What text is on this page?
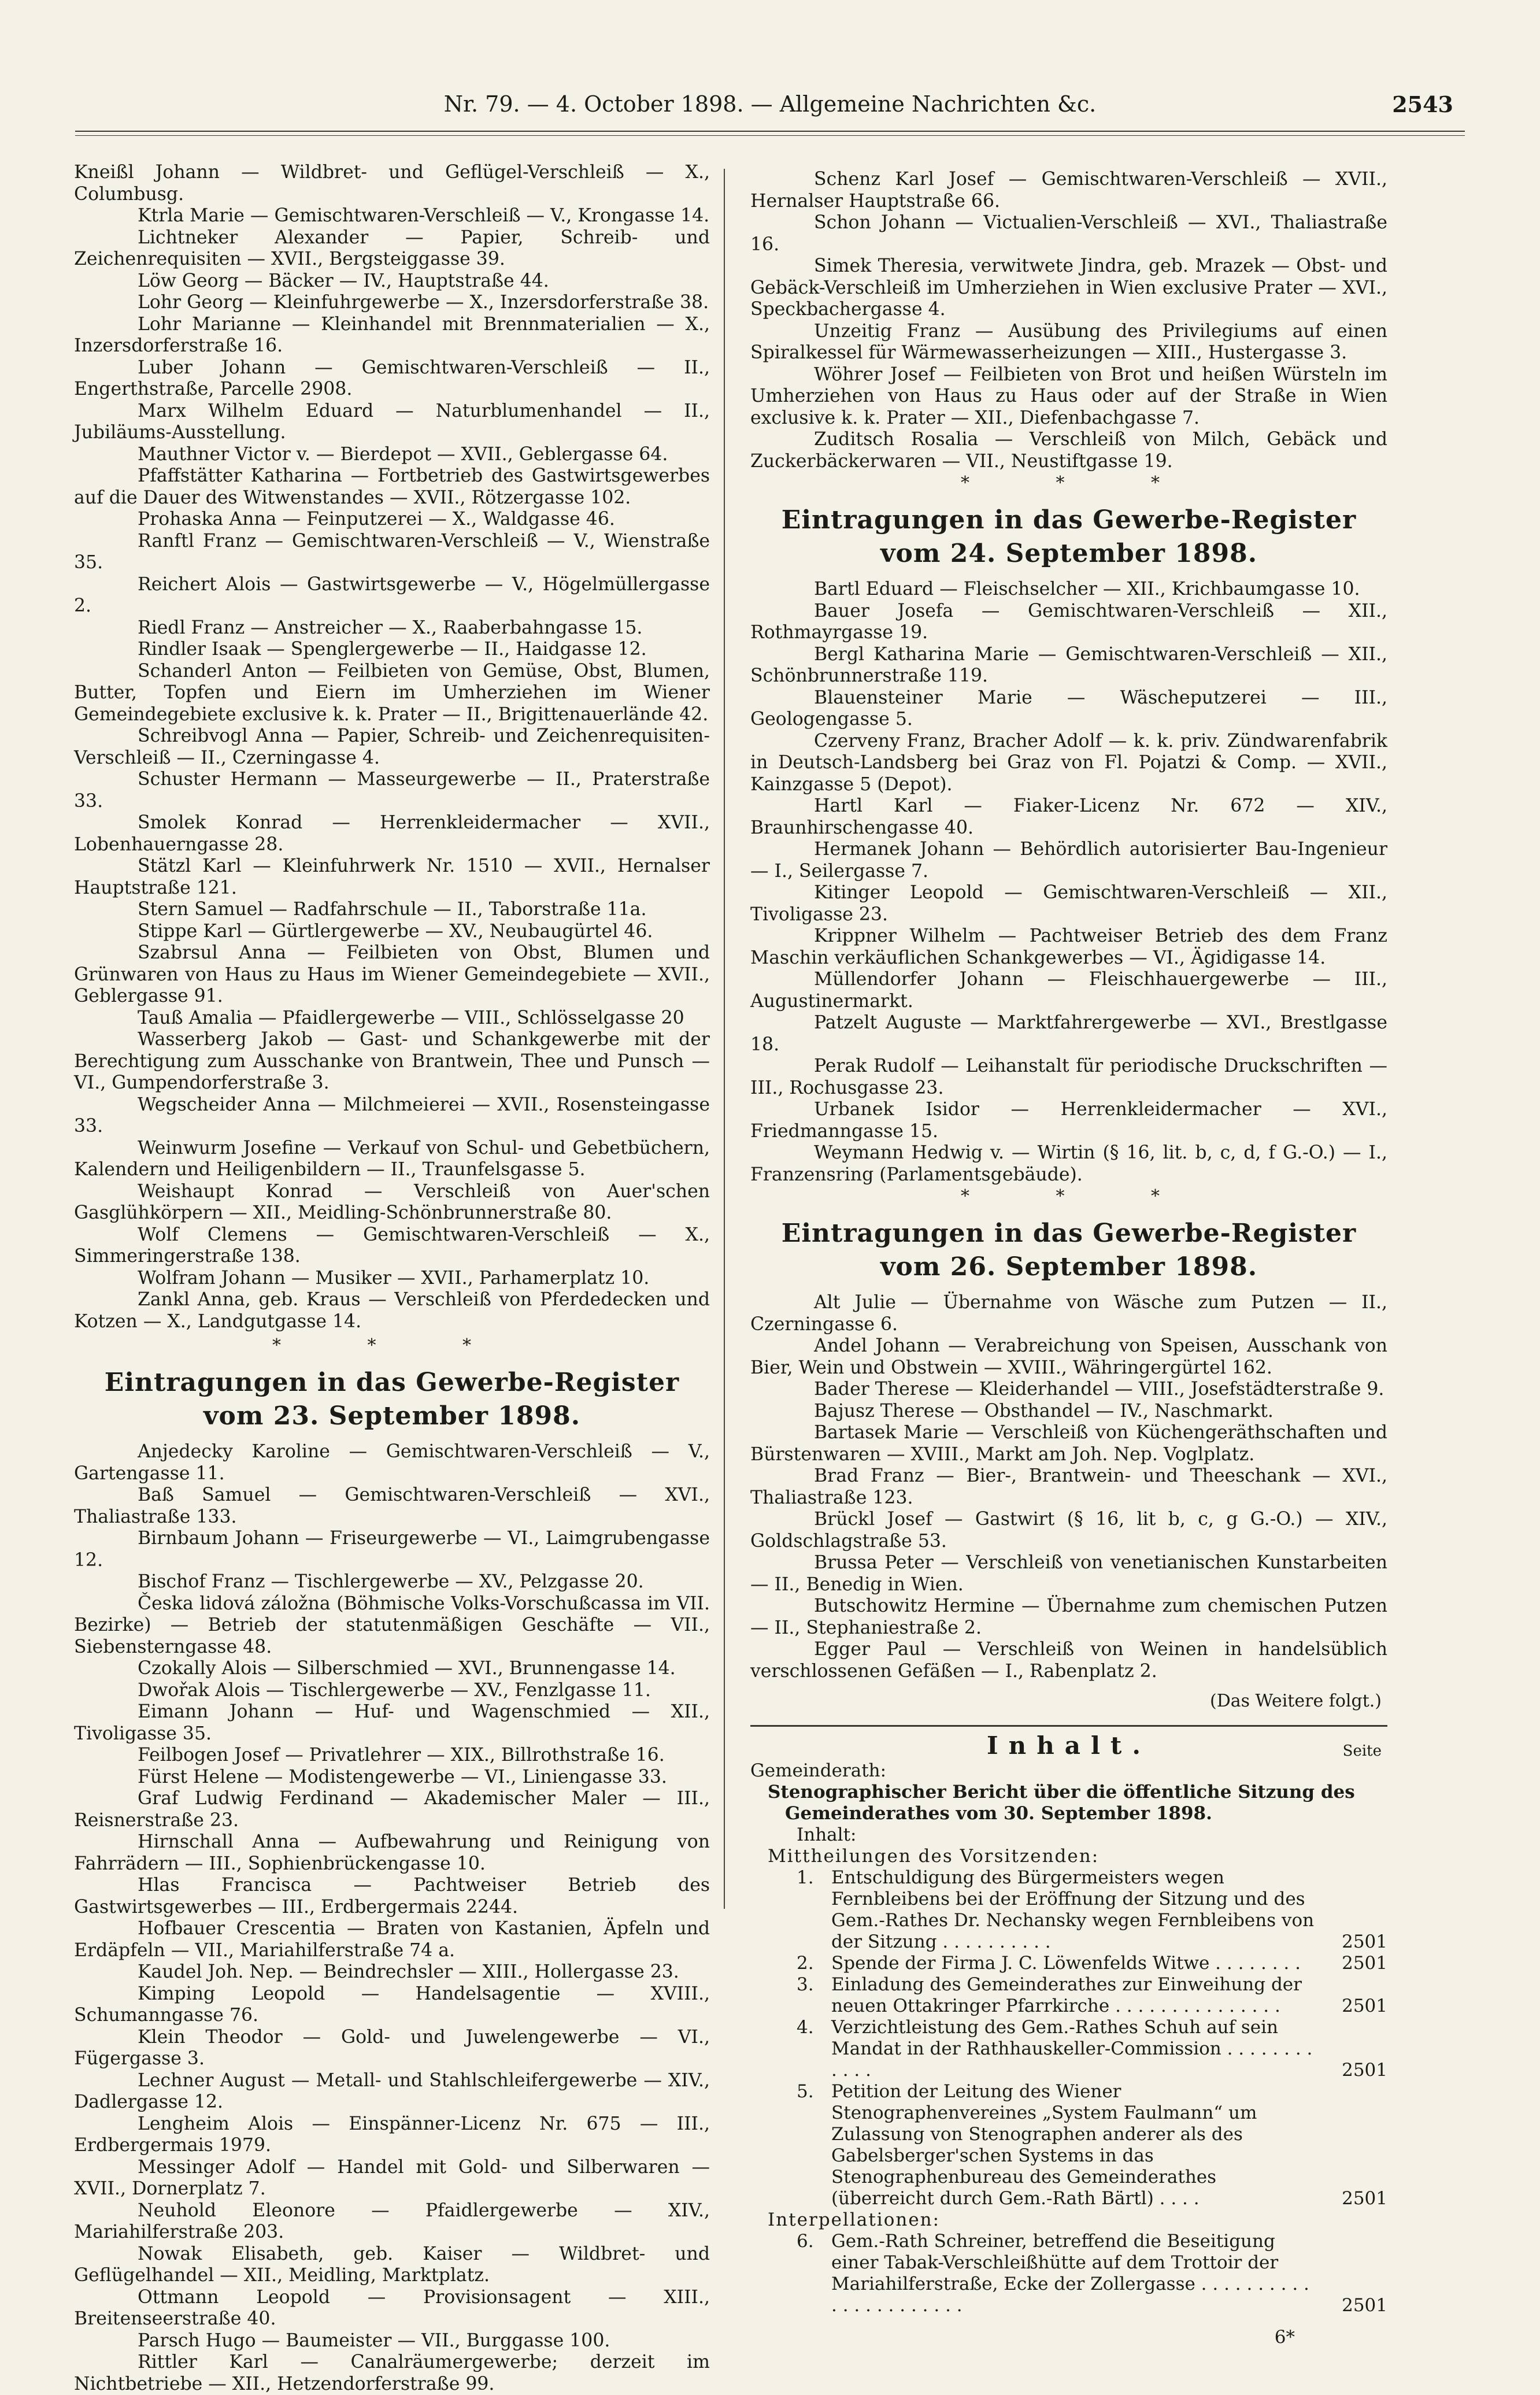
Nr. 79. — 4. October 1898. — Allgemeine Nachrichten &c.	2543

Kneißl Johann — Wildbret- und Geflügel-Verschleiß — X., Columbusg.

Ktrla Marie — Gemischtwaren-Verschleiß — V., Krongasse 14.

Lichtneker Alexander — Papier, Schreib- und Zeichenrequisiten — XVII., Bergsteiggasse 39.

Löw Georg — Bäcker — IV., Hauptstraße 44.

Lohr Georg — Kleinfuhrgewerbe — X., Inzersdorferstraße 38.

Lohr Marianne — Kleinhandel mit Brennmaterialien — X., Inzersdorferstraße 16.

Luber Johann — Gemischtwaren-Verschleiß — II., Engerthstraße, Parcelle 2908.

Marx Wilhelm Eduard — Naturblumenhandel — II., Jubiläums-Ausstellung.

Mauthner Victor v. — Bierdepot — XVII., Geblergasse 64.

Pfaffstätter Katharina — Fortbetrieb des Gastwirtsgewerbes auf die Dauer des Witwenstandes — XVII., Rötzergasse 102.

Prohaska Anna — Feinputzerei — X., Waldgasse 46.

Ranftl Franz — Gemischtwaren-Verschleiß — V., Wienstraße 35.

Reichert Alois — Gastwirtsgewerbe — V., Högelmüllergasse 2.

Riedl Franz — Anstreicher — X., Raaberbahngasse 15.

Rindler Isaak — Spenglergewerbe — II., Haidgasse 12.

Schanderl Anton — Feilbieten von Gemüse, Obst, Blumen, Butter, Topfen und Eiern im Umherziehen im Wiener Gemeindegebiete exclusive k. k. Prater — II., Brigittenauerlände 42.

Schreibvogl Anna — Papier, Schreib- und Zeichenrequisiten-Verschleiß — II., Czerningasse 4.

Schuster Hermann — Masseurgewerbe — II., Praterstraße 33.

Smolek Konrad — Herrenkleidermacher — XVII., Lobenhauerngasse 28.

Stätzl Karl — Kleinfuhrwerk Nr. 1510 — XVII., Hernalser Hauptstraße 121.

Stern Samuel — Radfahrschule — II., Taborstraße 11a.

Stippe Karl — Gürtlergewerbe — XV., Neubaugürtel 46.

Szabrsul Anna — Feilbieten von Obst, Blumen und Grünwaren von Haus zu Haus im Wiener Gemeindegebiete — XVII., Geblergasse 91.

Tauß Amalia — Pfaidlergewerbe — VIII., Schlösselgasse 20

Wasserberg Jakob — Gast- und Schankgewerbe mit der Berechtigung zum Ausschanke von Brantwein, Thee und Punsch — VI., Gumpendorferstraße 3.

Wegscheider Anna — Milchmeierei — XVII., Rosensteingasse 33.

Weinwurm Josefine — Verkauf von Schul- und Gebetbüchern, Kalendern und Heiligenbildern — II., Traunfelsgasse 5.

Weishaupt Konrad — Verschleiß von Auer'schen Gasglühkörpern — XII., Meidling-Schönbrunnerstraße 80.

Wolf Clemens — Gemischtwaren-Verschleiß — X., Simmeringerstraße 138.

Wolfram Johann — Musiker — XVII., Parhamerplatz 10.

Zankl Anna, geb. Kraus — Verschleiß von Pferdedecken und Kotzen — X., Landgutgasse 14.

* * *

Eintragungen in das Gewerbe-Register
vom 23. September 1898.

Anjedecky Karoline — Gemischtwaren-Verschleiß — V., Gartengasse 11.

Baß Samuel — Gemischtwaren-Verschleiß — XVI., Thaliastraße 133.

Birnbaum Johann — Friseurgewerbe — VI., Laimgrubengasse 12.

Bischof Franz — Tischlergewerbe — XV., Pelzgasse 20.

Česka lidová záložna (Böhmische Volks-Vorschußcassa im VII. Bezirke) — Betrieb der statutenmäßigen Geschäfte — VII., Siebensterngasse 48.

Czokally Alois — Silberschmied — XVI., Brunnengasse 14.

Dwořak Alois — Tischlergewerbe — XV., Fenzlgasse 11.

Eimann Johann — Huf- und Wagenschmied — XII., Tivoligasse 35.

Feilbogen Josef — Privatlehrer — XIX., Billrothstraße 16.

Fürst Helene — Modistengewerbe — VI., Liniengasse 33.

Graf Ludwig Ferdinand — Akademischer Maler — III., Reisnerstraße 23.

Hirnschall Anna — Aufbewahrung und Reinigung von Fahrrädern — III., Sophienbrückengasse 10.

Hlas Francisca — Pachtweiser Betrieb des Gastwirtsgewerbes — III., Erdbergermais 2244.

Hofbauer Crescentia — Braten von Kastanien, Äpfeln und Erdäpfeln — VII., Mariahilferstraße 74 a.

Kaudel Joh. Nep. — Beindrechsler — XIII., Hollergasse 23.

Kimping Leopold — Handelsagentie — XVIII., Schumanngasse 76.

Klein Theodor — Gold- und Juwelengewerbe — VI., Fügergasse 3.

Lechner August — Metall- und Stahlschleifergewerbe — XIV., Dadlergasse 12.

Lengheim Alois — Einspänner-Licenz Nr. 675 — III., Erdbergermais 1979.

Messinger Adolf — Handel mit Gold- und Silberwaren — XVII., Dornerplatz 7.

Neuhold Eleonore — Pfaidlergewerbe — XIV., Mariahilferstraße 203.

Nowak Elisabeth, geb. Kaiser — Wildbret- und Geflügelhandel — XII., Meidling, Marktplatz.

Ottmann Leopold — Provisionsagent — XIII., Breitenseerstraße 40.

Parsch Hugo — Baumeister — VII., Burggasse 100.

Rittler Karl — Canalräumergewerbe; derzeit im Nichtbetriebe — XII., Hetzendorferstraße 99.

Schenz Karl Josef — Gemischtwaren-Verschleiß — XVII., Hernalser Hauptstraße 66.

Schon Johann — Victualien-Verschleiß — XVI., Thaliastraße 16.

Simek Theresia, verwitwete Jindra, geb. Mrazek — Obst- und Gebäck-Verschleiß im Umherziehen in Wien exclusive Prater — XVI., Speckbachergasse 4.

Unzeitig Franz — Ausübung des Privilegiums auf einen Spiralkessel für Wärmewasserheizungen — XIII., Hustergasse 3.

Wöhrer Josef — Feilbieten von Brot und heißen Würsteln im Umherziehen von Haus zu Haus oder auf der Straße in Wien exclusive k. k. Prater — XII., Diefenbachgasse 7.

Zuditsch Rosalia — Verschleiß von Milch, Gebäck und Zuckerbäckerwaren — VII., Neustiftgasse 19.

* * *

Eintragungen in das Gewerbe-Register
vom 24. September 1898.

Bartl Eduard — Fleischselcher — XII., Krichbaumgasse 10.

Bauer Josefa — Gemischtwaren-Verschleiß — XII., Rothmayrgasse 19.

Bergl Katharina Marie — Gemischtwaren-Verschleiß — XII., Schönbrunnerstraße 119.

Blauensteiner Marie — Wäscheputzerei — III., Geologengasse 5.

Czerveny Franz, Bracher Adolf — k. k. priv. Zündwarenfabrik in Deutsch-Landsberg bei Graz von Fl. Pojatzi & Comp. — XVII., Kainzgasse 5 (Depot).

Hartl Karl — Fiaker-Licenz Nr. 672 — XIV., Braunhirschengasse 40.

Hermanek Johann — Behördlich autorisierter Bau-Ingenieur — I., Seilergasse 7.

Kitinger Leopold — Gemischtwaren-Verschleiß — XII., Tivoligasse 23.

Krippner Wilhelm — Pachtweiser Betrieb des dem Franz Maschin verkäuflichen Schankgewerbes — VI., Ägidigasse 14.

Müllendorfer Johann — Fleischhauergewerbe — III., Augustinermarkt.

Patzelt Auguste — Marktfahrergewerbe — XVI., Brestlgasse 18.

Perak Rudolf — Leihanstalt für periodische Druckschriften — III., Rochusgasse 23.

Urbanek Isidor — Herrenkleidermacher — XVI., Friedmanngasse 15.

Weymann Hedwig v. — Wirtin (§ 16, lit. b, c, d, f G.-O.) — I., Franzensring (Parlamentsgebäude).

* * *

Eintragungen in das Gewerbe-Register
vom 26. September 1898.

Alt Julie — Übernahme von Wäsche zum Putzen — II., Czerningasse 6.

Andel Johann — Verabreichung von Speisen, Ausschank von Bier, Wein und Obstwein — XVIII., Währingergürtel 162.

Bader Therese — Kleiderhandel — VIII., Josefstädterstraße 9.

Bajusz Therese — Obsthandel — IV., Naschmarkt.

Bartasek Marie — Verschleiß von Küchengeräthschaften und Bürstenwaren — XVIII., Markt am Joh. Nep. Voglplatz.

Brad Franz — Bier-, Brantwein- und Theeschank — XVI., Thaliastraße 123.

Brückl Josef — Gastwirt (§ 16, lit b, c, g G.-O.) — XIV., Goldschlagstraße 53.

Brussa Peter — Verschleiß von venetianischen Kunstarbeiten — II., Benedig in Wien.

Butschowitz Hermine — Übernahme zum chemischen Putzen — II., Stephaniestraße 2.

Egger Paul — Verschleiß von Weinen in handelsüblich verschlossenen Gefäßen — I., Rabenplatz 2.

(Das Weitere folgt.)

Inhalt.	Seite

Gemeinderath:

Stenographischer Bericht über die öffentliche Sitzung des Gemeinderathes vom 30. September 1898.

Inhalt:

Mittheilungen des Vorsitzenden:

1. Entschuldigung des Bürgermeisters wegen Fernbleibens bei der Eröffnung der Sitzung und des Gem.-Rathes Dr. Nechansky wegen Fernbleibens von der Sitzung . . . . . . . . . .	2501
2. Spende der Firma J. C. Löwenfelds Witwe . . . . . . . . 2501
3. Einladung des Gemeinderathes zur Einweihung der neuen Ottakringer Pfarrkirche . . . . . . . . . . . . . . .	2501
4. Verzichtleistung des Gem.-Rathes Schuh auf sein Mandat in der Rathhauskeller-Commission . . . . . . . . . . . .	2501
5. Petition der Leitung des Wiener Stenographenvereines „System Faulmann“ um Zulassung von Stenographen anderer als des Gabelsberger'schen Systems in das Stenographenbureau des Gemeinderathes (überreicht durch Gem.-Rath Bärtl) . . . .	2501

Interpellationen:

6. Gem.-Rath Schreiner, betreffend die Beseitigung einer Tabak-Verschleißhütte auf dem Trottoir der Mariahilferstraße, Ecke der Zollergasse . . . . . . . . . . . . . . . . . . . . . .	2501

6*
